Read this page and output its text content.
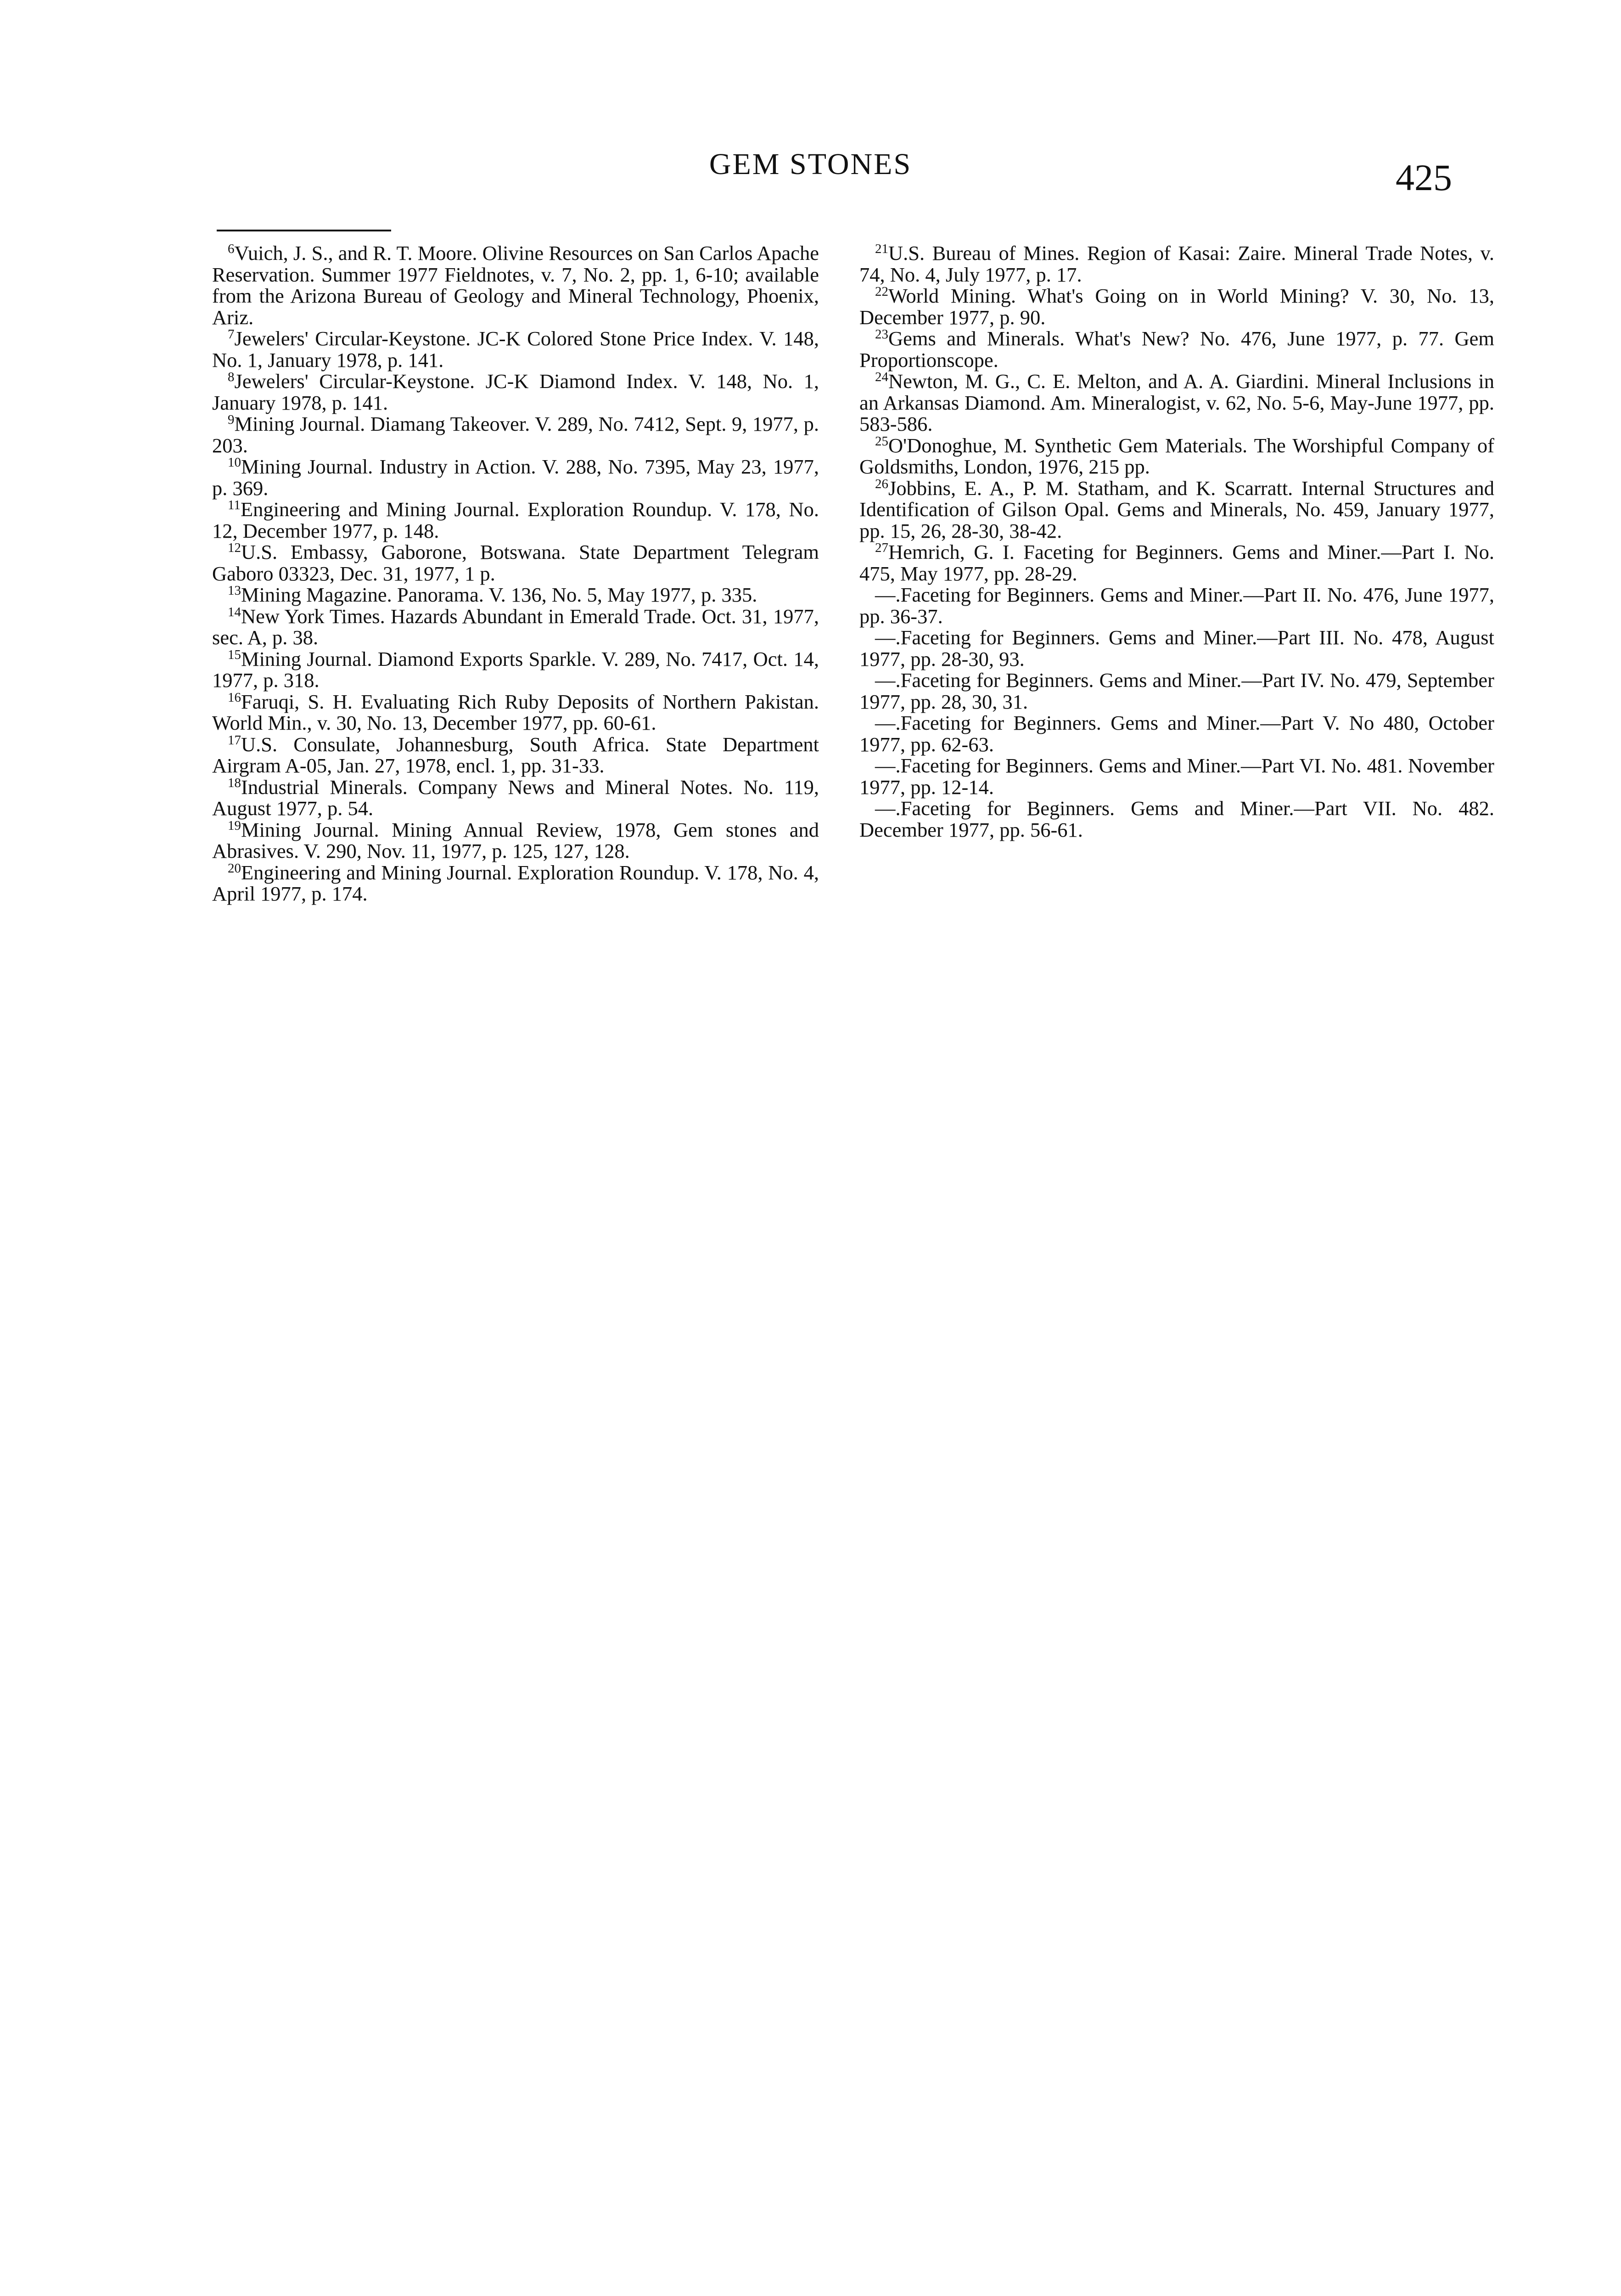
GEM STONES	425

$^6$Vuich, J. S., and R. T. Moore. Olivine Resources on San Carlos Apache Reservation. Summer 1977 Fieldnotes, v. 7, No. 2, pp. 1, 6-10; available from the Arizona Bureau of Geology and Mineral Technology, Phoenix, Ariz.

$^7$Jewelers' Circular-Keystone. JC-K Colored Stone Price Index. V. 148, No. 1, January 1978, p. 141.

$^8$Jewelers' Circular-Keystone. JC-K Diamond Index. V. 148, No. 1, January 1978, p. 141.

$^9$Mining Journal. Diamang Takeover. V. 289, No. 7412, Sept. 9, 1977, p. 203.

$^{10}$Mining Journal. Industry in Action. V. 288, No. 7395, May 23, 1977, p. 369.

$^{11}$Engineering and Mining Journal. Exploration Roundup. V. 178, No. 12, December 1977, p. 148.

$^{12}$U.S. Embassy, Gaborone, Botswana. State Department Telegram Gaboro 03323, Dec. 31, 1977, 1 p.

$^{13}$Mining Magazine. Panorama. V. 136, No. 5, May 1977, p. 335.

$^{14}$New York Times. Hazards Abundant in Emerald Trade. Oct. 31, 1977, sec. A, p. 38.

$^{15}$Mining Journal. Diamond Exports Sparkle. V. 289, No. 7417, Oct. 14, 1977, p. 318.

$^{16}$Faruqi, S. H. Evaluating Rich Ruby Deposits of Northern Pakistan. World Min., v. 30, No. 13, December 1977, pp. 60-61.

$^{17}$U.S. Consulate, Johannesburg, South Africa. State Department Airgram A-05, Jan. 27, 1978, encl. 1, pp. 31-33.

$^{18}$Industrial Minerals. Company News and Mineral Notes. No. 119, August 1977, p. 54.

$^{19}$Mining Journal. Mining Annual Review, 1978, Gem stones and Abrasives. V. 290, Nov. 11, 1977, p. 125, 127, 128.

$^{20}$Engineering and Mining Journal. Exploration Roundup. V. 178, No. 4, April 1977, p. 174.

$^{21}$U.S. Bureau of Mines. Region of Kasai: Zaire. Mineral Trade Notes, v. 74, No. 4, July 1977, p. 17.

$^{22}$World Mining. What's Going on in World Mining? V. 30, No. 13, December 1977, p. 90.

$^{23}$Gems and Minerals. What's New? No. 476, June 1977, p. 77. Gem Proportionscope.

$^{24}$Newton, M. G., C. E. Melton, and A. A. Giardini. Mineral Inclusions in an Arkansas Diamond. Am. Mineralogist, v. 62, No. 5-6, May-June 1977, pp. 583-586.

$^{25}$O'Donoghue, M. Synthetic Gem Materials. The Worshipful Company of Goldsmiths, London, 1976, 215 pp.

$^{26}$Jobbins, E. A., P. M. Statham, and K. Scarratt. Internal Structures and Identification of Gilson Opal. Gems and Minerals, No. 459, January 1977, pp. 15, 26, 28-30, 38-42.

$^{27}$Hemrich, G. I. Faceting for Beginners. Gems and Miner.—Part I. No. 475, May 1977, pp. 28-29.

—.Faceting for Beginners. Gems and Miner.—Part II. No. 476, June 1977, pp. 36-37.

—.Faceting for Beginners. Gems and Miner.—Part III. No. 478, August 1977, pp. 28-30, 93.

—.Faceting for Beginners. Gems and Miner.—Part IV. No. 479, September 1977, pp. 28, 30, 31.

—.Faceting for Beginners. Gems and Miner.—Part V. No 480, October 1977, pp. 62-63.

—.Faceting for Beginners. Gems and Miner.—Part VI. No. 481. November 1977, pp. 12-14.

—.Faceting for Beginners. Gems and Miner.—Part VII. No. 482. December 1977, pp. 56-61.
